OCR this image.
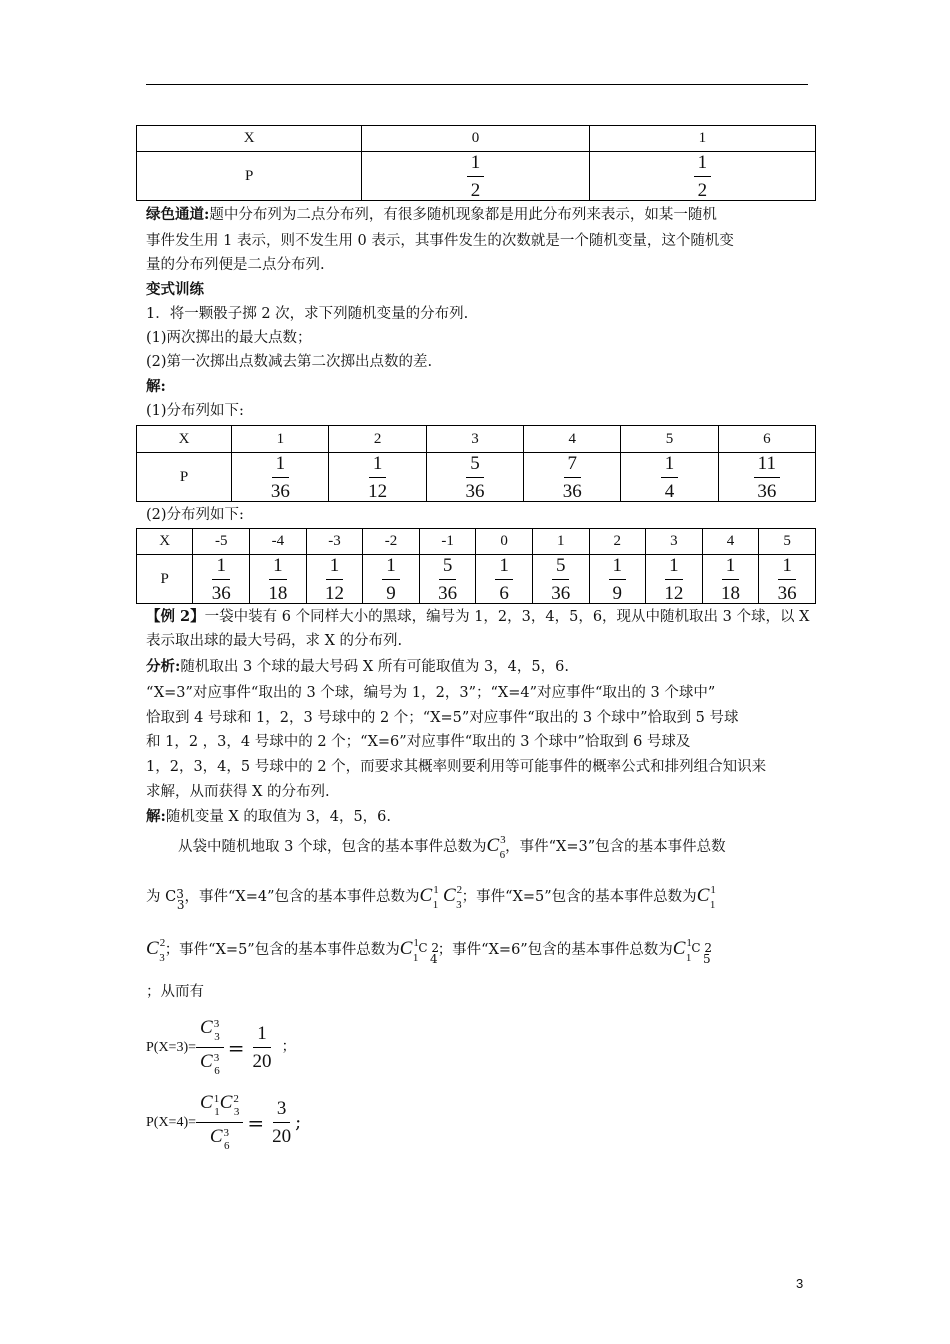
X	0	1
P	$\frac{1}{2}$	$\frac{1}{2}$
绿色通道:题中分布列为二点分布列，有很多随机现象都是用此分布列来表示，如某一随机
事件发生用 1 表示，则不发生用 0 表示，其事件发生的次数就是一个随机变量，这个随机变
量的分布列便是二点分布列.
变式训练
1．将一颗骰子掷 2 次，求下列随机变量的分布列.
(1)两次掷出的最大点数；
(2)第一次掷出点数减去第二次掷出点数的差.
解:
(1)分布列如下:
X	1	2	3	4	5	6
P	$\frac{1}{36}$	$\frac{1}{12}$	$\frac{5}{36}$	$\frac{7}{36}$	$\frac{1}{4}$	$\frac{11}{36}$
(2)分布列如下:
X	-5	-4	-3	-2	-1	0	1	2	3	4	5
P	$\frac{1}{36}$	$\frac{1}{18}$	$\frac{1}{12}$	$\frac{1}{9}$	$\frac{5}{36}$	$\frac{1}{6}$	$\frac{5}{36}$	$\frac{1}{9}$	$\frac{1}{12}$	$\frac{1}{18}$	$\frac{1}{36}$
【例 2】一袋中装有 6 个同样大小的黑球，编号为 1，2，3，4，5，6，现从中随机取出 3 个球，以 X
表示取出球的最大号码，求 X 的分布列.
分析:随机取出 3 个球的最大号码 X 所有可能取值为 3，4，5，6.
“X=3”对应事件“取出的 3 个球，编号为 1，2，3”；“X=4”对应事件“取出的 3 个球中”
恰取到 4 号球和 1，2，3 号球中的 2 个；“X=5”对应事件“取出的 3 个球中”恰取到 5 号球
和 1，2 ，3，4 号球中的 2 个；“X=6”对应事件“取出的 3 个球中”恰取到 6 号球及
1，2，3，4，5 号球中的 2 个，而要求其概率则要利用等可能事件的概率公式和排列组合知识来
求解，从而获得 X 的分布列.
解:随机变量 X 的取值为 3，4，5，6.
从袋中随机地取 3 个球，包含的基本事件总数为$C^3_6$，事件“X=3”包含的基本事件总数
为 $C^3_3$，事件“X=4”包含的基本事件总数为$C^1_1$ $C^2_3$；事件“X=5”包含的基本事件总数为$C^1_1$
$C^2_3$；事件“X=5”包含的基本事件总数为$C^1_1C$ $2_4$；事件“X=6”包含的基本事件总数为$C^1_1C$ $2_5$
；从而有
$P(X=3)= \frac{C^3_3}{C^3_6} = \frac{1}{20}$ ；
$P(X=4)= \frac{C^1_1C^2_3}{C^3_6} = \frac{3}{20}$ ;
3
